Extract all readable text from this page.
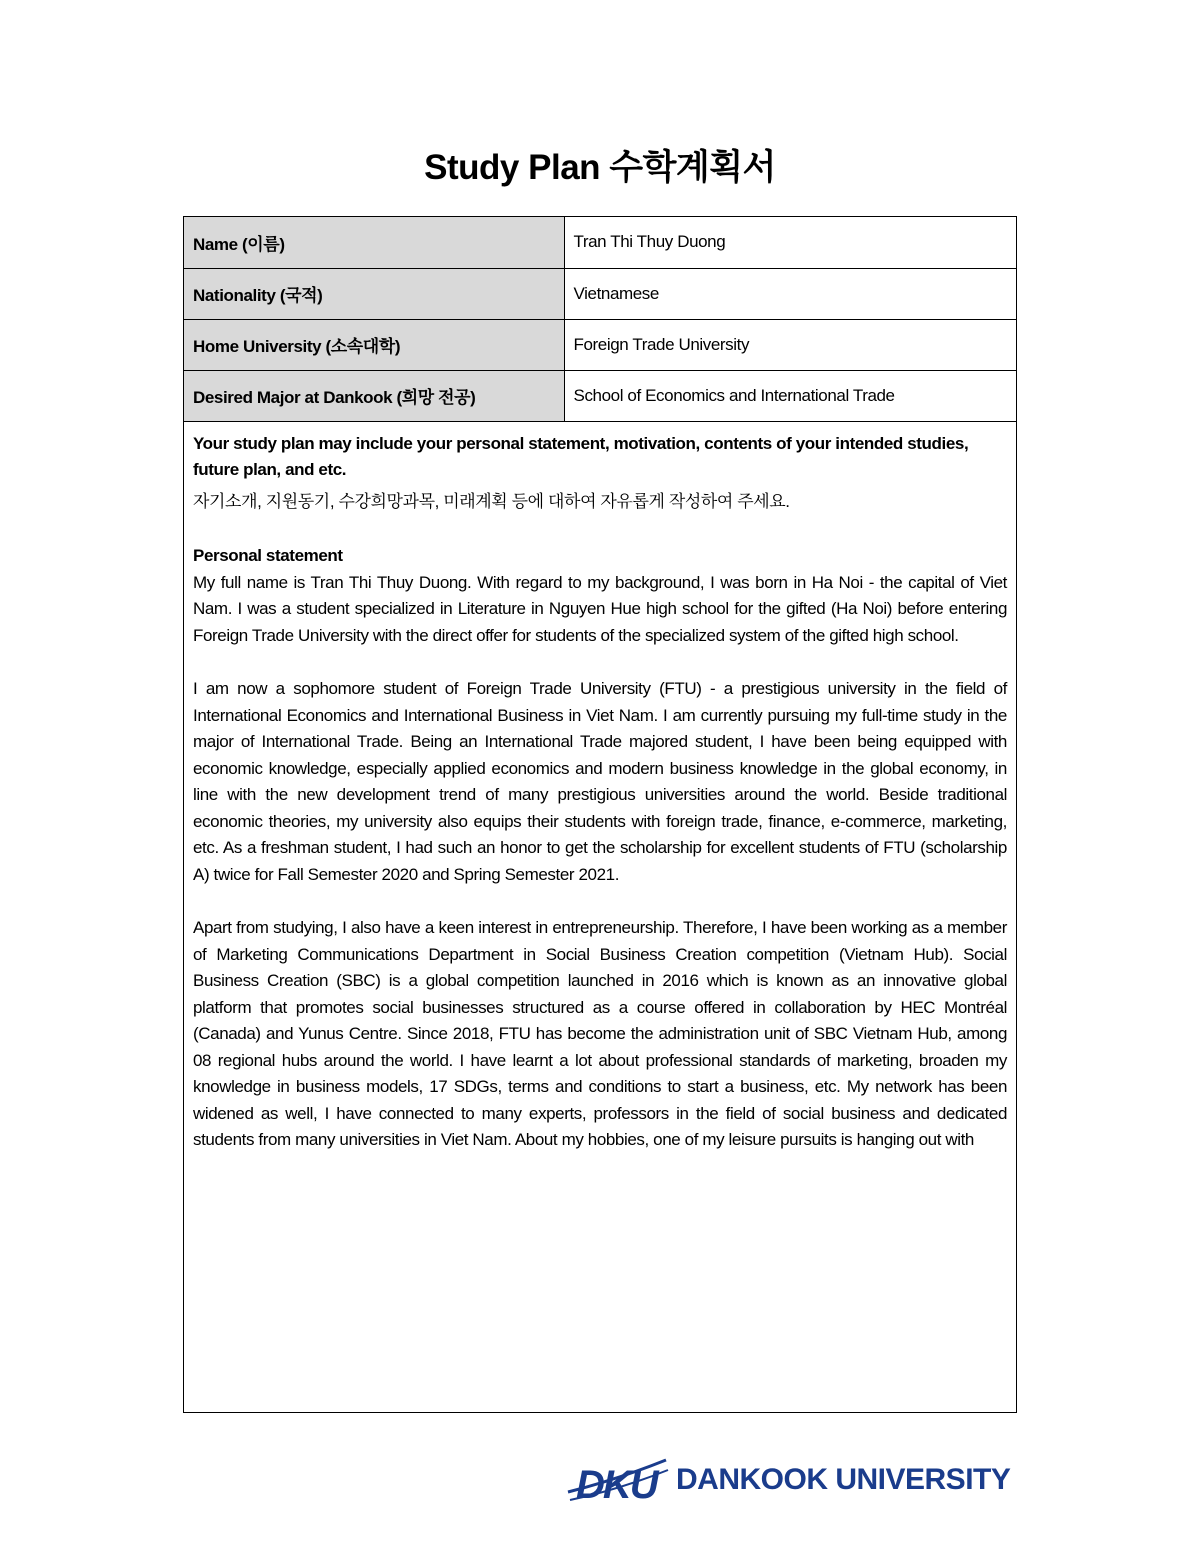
Study Plan 수학계획서
Name (이름)	Tran Thi Thuy Duong
Nationality (국적)	Vietnamese
Home University (소속대학)	Foreign Trade University
Desired Major at Dankook (희망 전공)	School of Economics and International Trade
Your study plan may include your personal statement, motivation, contents of your intended studies, future plan, and etc.
자기소개, 지원동기, 수강희망과목, 미래계획 등에 대하여 자유롭게 작성하여 주세요.
Personal statement

My full name is Tran Thi Thuy Duong. With regard to my background, I was born in Ha Noi - the capital of Viet Nam. I was a student specialized in Literature in Nguyen Hue high school for the gifted (Ha Noi) before entering Foreign Trade University with the direct offer for students of the specialized system of the gifted high school.

I am now a sophomore student of Foreign Trade University (FTU) - a prestigious university in the field of International Economics and International Business in Viet Nam. I am currently pursuing my full-time study in the major of International Trade. Being an International Trade majored student, I have been being equipped with economic knowledge, especially applied economics and modern business knowledge in the global economy, in line with the new development trend of many prestigious universities around the world. Beside traditional economic theories, my university also equips their students with foreign trade, finance, e-commerce, marketing, etc. As a freshman student, I had such an honor to get the scholarship for excellent students of FTU (scholarship A) twice for Fall Semester 2020 and Spring Semester 2021.

Apart from studying, I also have a keen interest in entrepreneurship. Therefore, I have been working as a member of Marketing Communications Department in Social Business Creation competition (Vietnam Hub). Social Business Creation (SBC) is a global competition launched in 2016 which is known as an innovative global platform that promotes social businesses structured as a course offered in collaboration by HEC Montréal (Canada) and Yunus Centre. Since 2018, FTU has become the administration unit of SBC Vietnam Hub, among 08 regional hubs around the world. I have learnt a lot about professional standards of marketing, broaden my knowledge in business models, 17 SDGs, terms and conditions to start a business, etc. My network has been widened as well, I have connected to many experts, professors in the field of social business and dedicated students from many universities in Viet Nam. About my hobbies, one of my leisure pursuits is hanging out with

DKU DANKOOK UNIVERSITY
